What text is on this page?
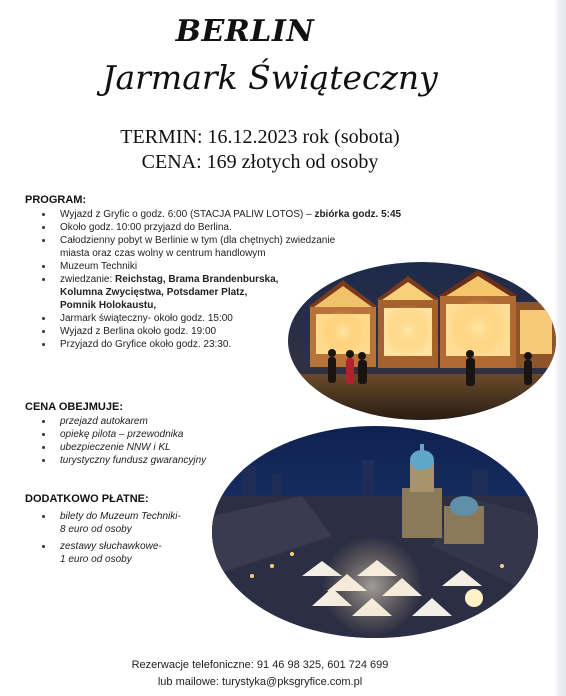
BERLIN
Jarmark Świąteczny
TERMIN: 16.12.2023 rok (sobota)
CENA: 169 złotych od osoby
PROGRAM:
Wyjazd z Gryfic o godz. 6:00 (STACJA PALIW LOTOS) – zbiórka godz. 5:45
Około godz. 10:00 przyjazd do Berlina.
Całodzienny pobyt w Berlinie w tym (dla chętnych) zwiedzanie
miasta oraz czas wolny w centrum handlowym
Muzeum Techniki
zwiedzanie: Reichstag, Brama Brandenburska,
Kolumna Zwycięstwa, Potsdamer Platz,
Pomnik Holokaustu,
Jarmark świąteczny- około godz. 15:00
Wyjazd z Berlina około godz. 19:00
Przyjazd do Gryfice około godz. 23:30.
CENA OBEJMUJE:
przejazd autokarem
opiekę pilota – przewodnika
ubezpieczenie NNW i KL
turystyczny fundusz gwarancyjny
DODATKOWO PŁATNE:
bilety do Muzeum Techniki-
8 euro od osoby
zestawy słuchawkowe-
1 euro od osoby
Rezerwacje telefoniczne: 91 46 98 325, 601 724 699
lub mailowe: turystyka@pksgryfice.com.pl
